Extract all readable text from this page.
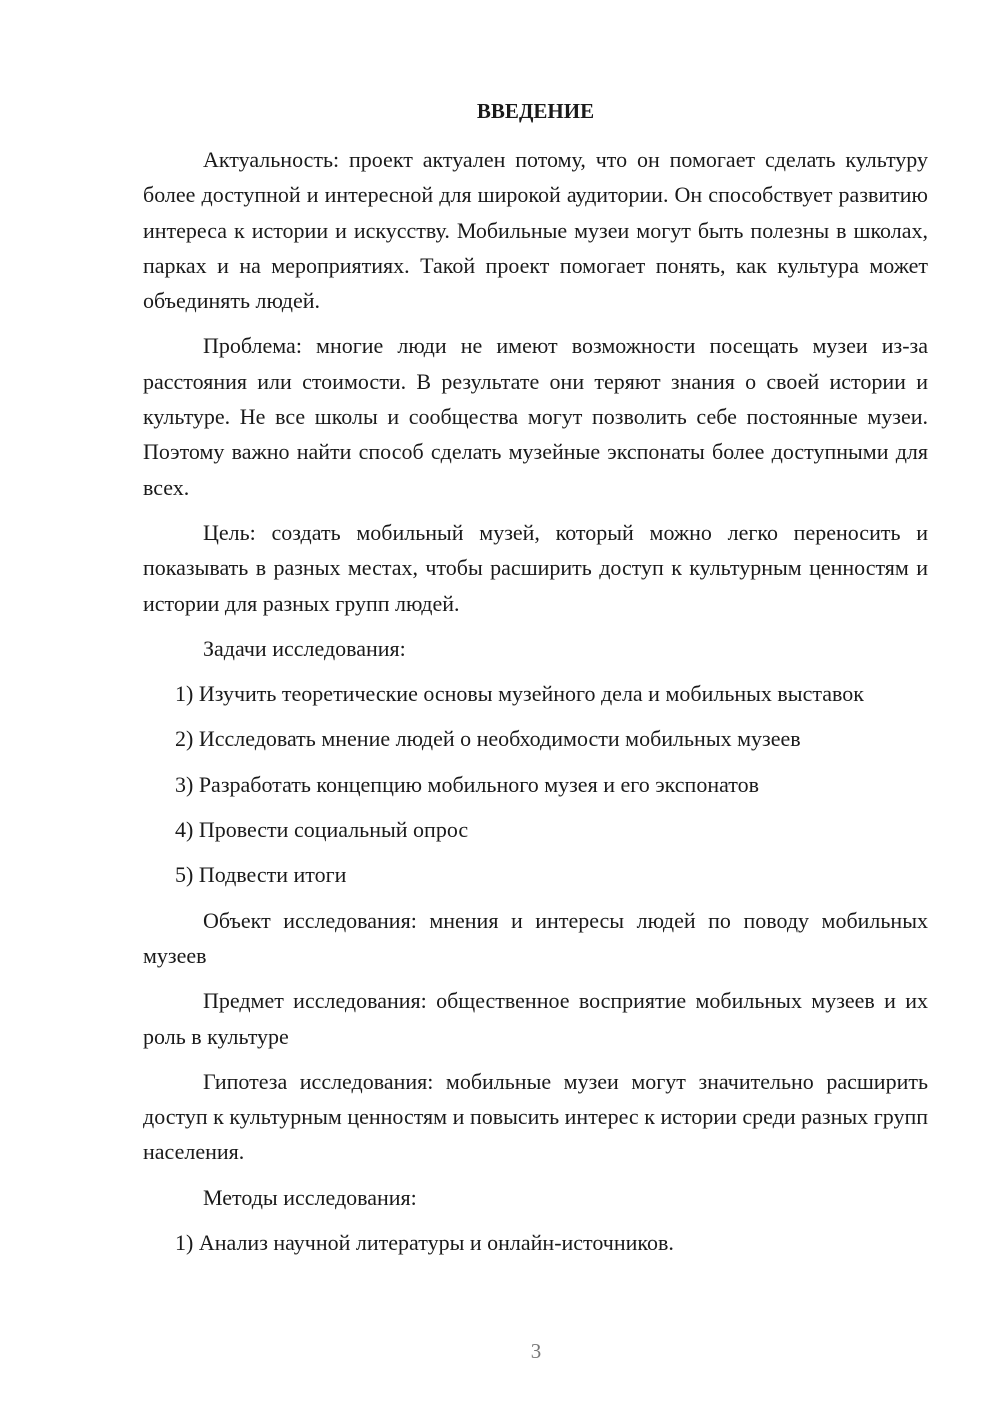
ВВЕДЕНИЕ

Актуальность: проект актуален потому, что он помогает сделать культуру более доступной и интересной для широкой аудитории. Он способствует развитию интереса к истории и искусству. Мобильные музеи могут быть полезны в школах, парках и на мероприятиях. Такой проект помогает понять, как культура может объединять людей.

Проблема: многие люди не имеют возможности посещать музеи из-за расстояния или стоимости. В результате они теряют знания о своей истории и культуре. Не все школы и сообщества могут позволить себе постоянные музеи. Поэтому важно найти способ сделать музейные экспонаты более доступными для всех.

Цель: создать мобильный музей, который можно легко переносить и показывать в разных местах, чтобы расширить доступ к культурным ценностям и истории для разных групп людей.

Задачи исследования:

1) Изучить теоретические основы музейного дела и мобильных выставок

2) Исследовать мнение людей о необходимости мобильных музеев

3) Разработать концепцию мобильного музея и его экспонатов

4) Провести социальный опрос

5) Подвести итоги

Объект исследования: мнения и интересы людей по поводу мобильных музеев

Предмет исследования: общественное восприятие мобильных музеев и их роль в культуре

Гипотеза исследования: мобильные музеи могут значительно расширить доступ к культурным ценностям и повысить интерес к истории среди разных групп населения.

Методы исследования:

1) Анализ научной литературы и онлайн-источников.

3
